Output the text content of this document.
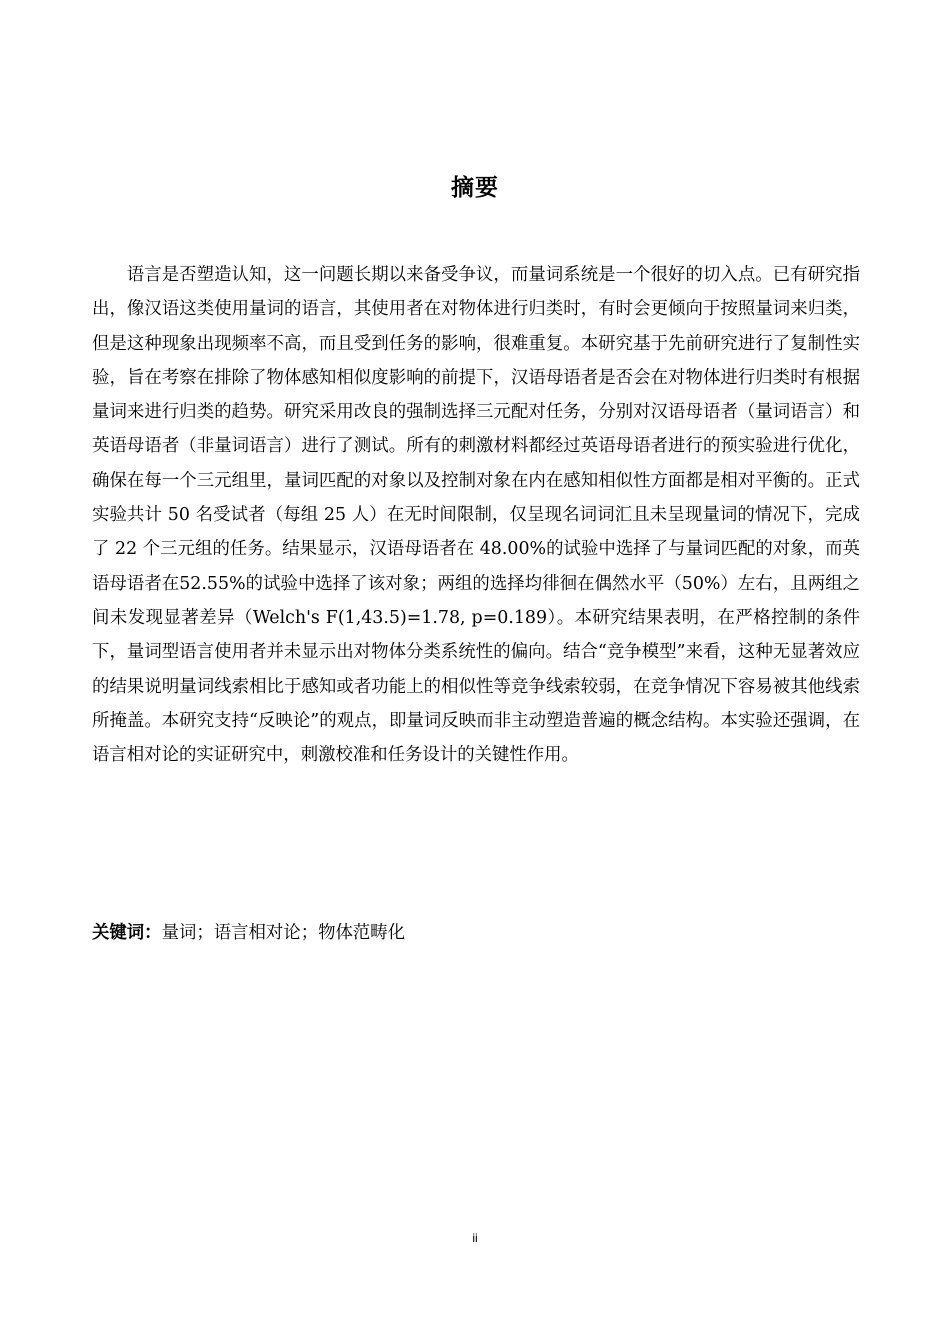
摘要

语言是否塑造认知，这一问题长期以来备受争议，而量词系统是一个很好的切入点。已有研究指出，像汉语这类使用量词的语言，其使用者在对物体进行归类时，有时会更倾向于按照量词来归类，但是这种现象出现频率不高，而且受到任务的影响，很难重复。本研究基于先前研究进行了复制性实验，旨在考察在排除了物体感知相似度影响的前提下，汉语母语者是否会在对物体进行归类时有根据量词来进行归类的趋势。研究采用改良的强制选择三元配对任务，分别对汉语母语者（量词语言）和英语母语者（非量词语言）进行了测试。所有的刺激材料都经过英语母语者进行的预实验进行优化，确保在每一个三元组里，量词匹配的对象以及控制对象在内在感知相似性方面都是相对平衡的。正式实验共计 50 名受试者（每组 25 人）在无时间限制，仅呈现名词词汇且未呈现量词的情况下，完成了 22 个三元组的任务。结果显示，汉语母语者在 48.00%的试验中选择了与量词匹配的对象，而英语母语者在52.55%的试验中选择了该对象；两组的选择均徘徊在偶然水平（50%）左右，且两组之间未发现显著差异（Welch's F(1,43.5)=1.78, p=0.189）。本研究结果表明，在严格控制的条件下，量词型语言使用者并未显示出对物体分类系统性的偏向。结合“竞争模型”来看，这种无显著效应的结果说明量词线索相比于感知或者功能上的相似性等竞争线索较弱，在竞争情况下容易被其他线索所掩盖。本研究支持“反映论”的观点，即量词反映而非主动塑造普遍的概念结构。本实验还强调，在语言相对论的实证研究中，刺激校准和任务设计的关键性作用。

关键词：量词；语言相对论；物体范畴化

ii
